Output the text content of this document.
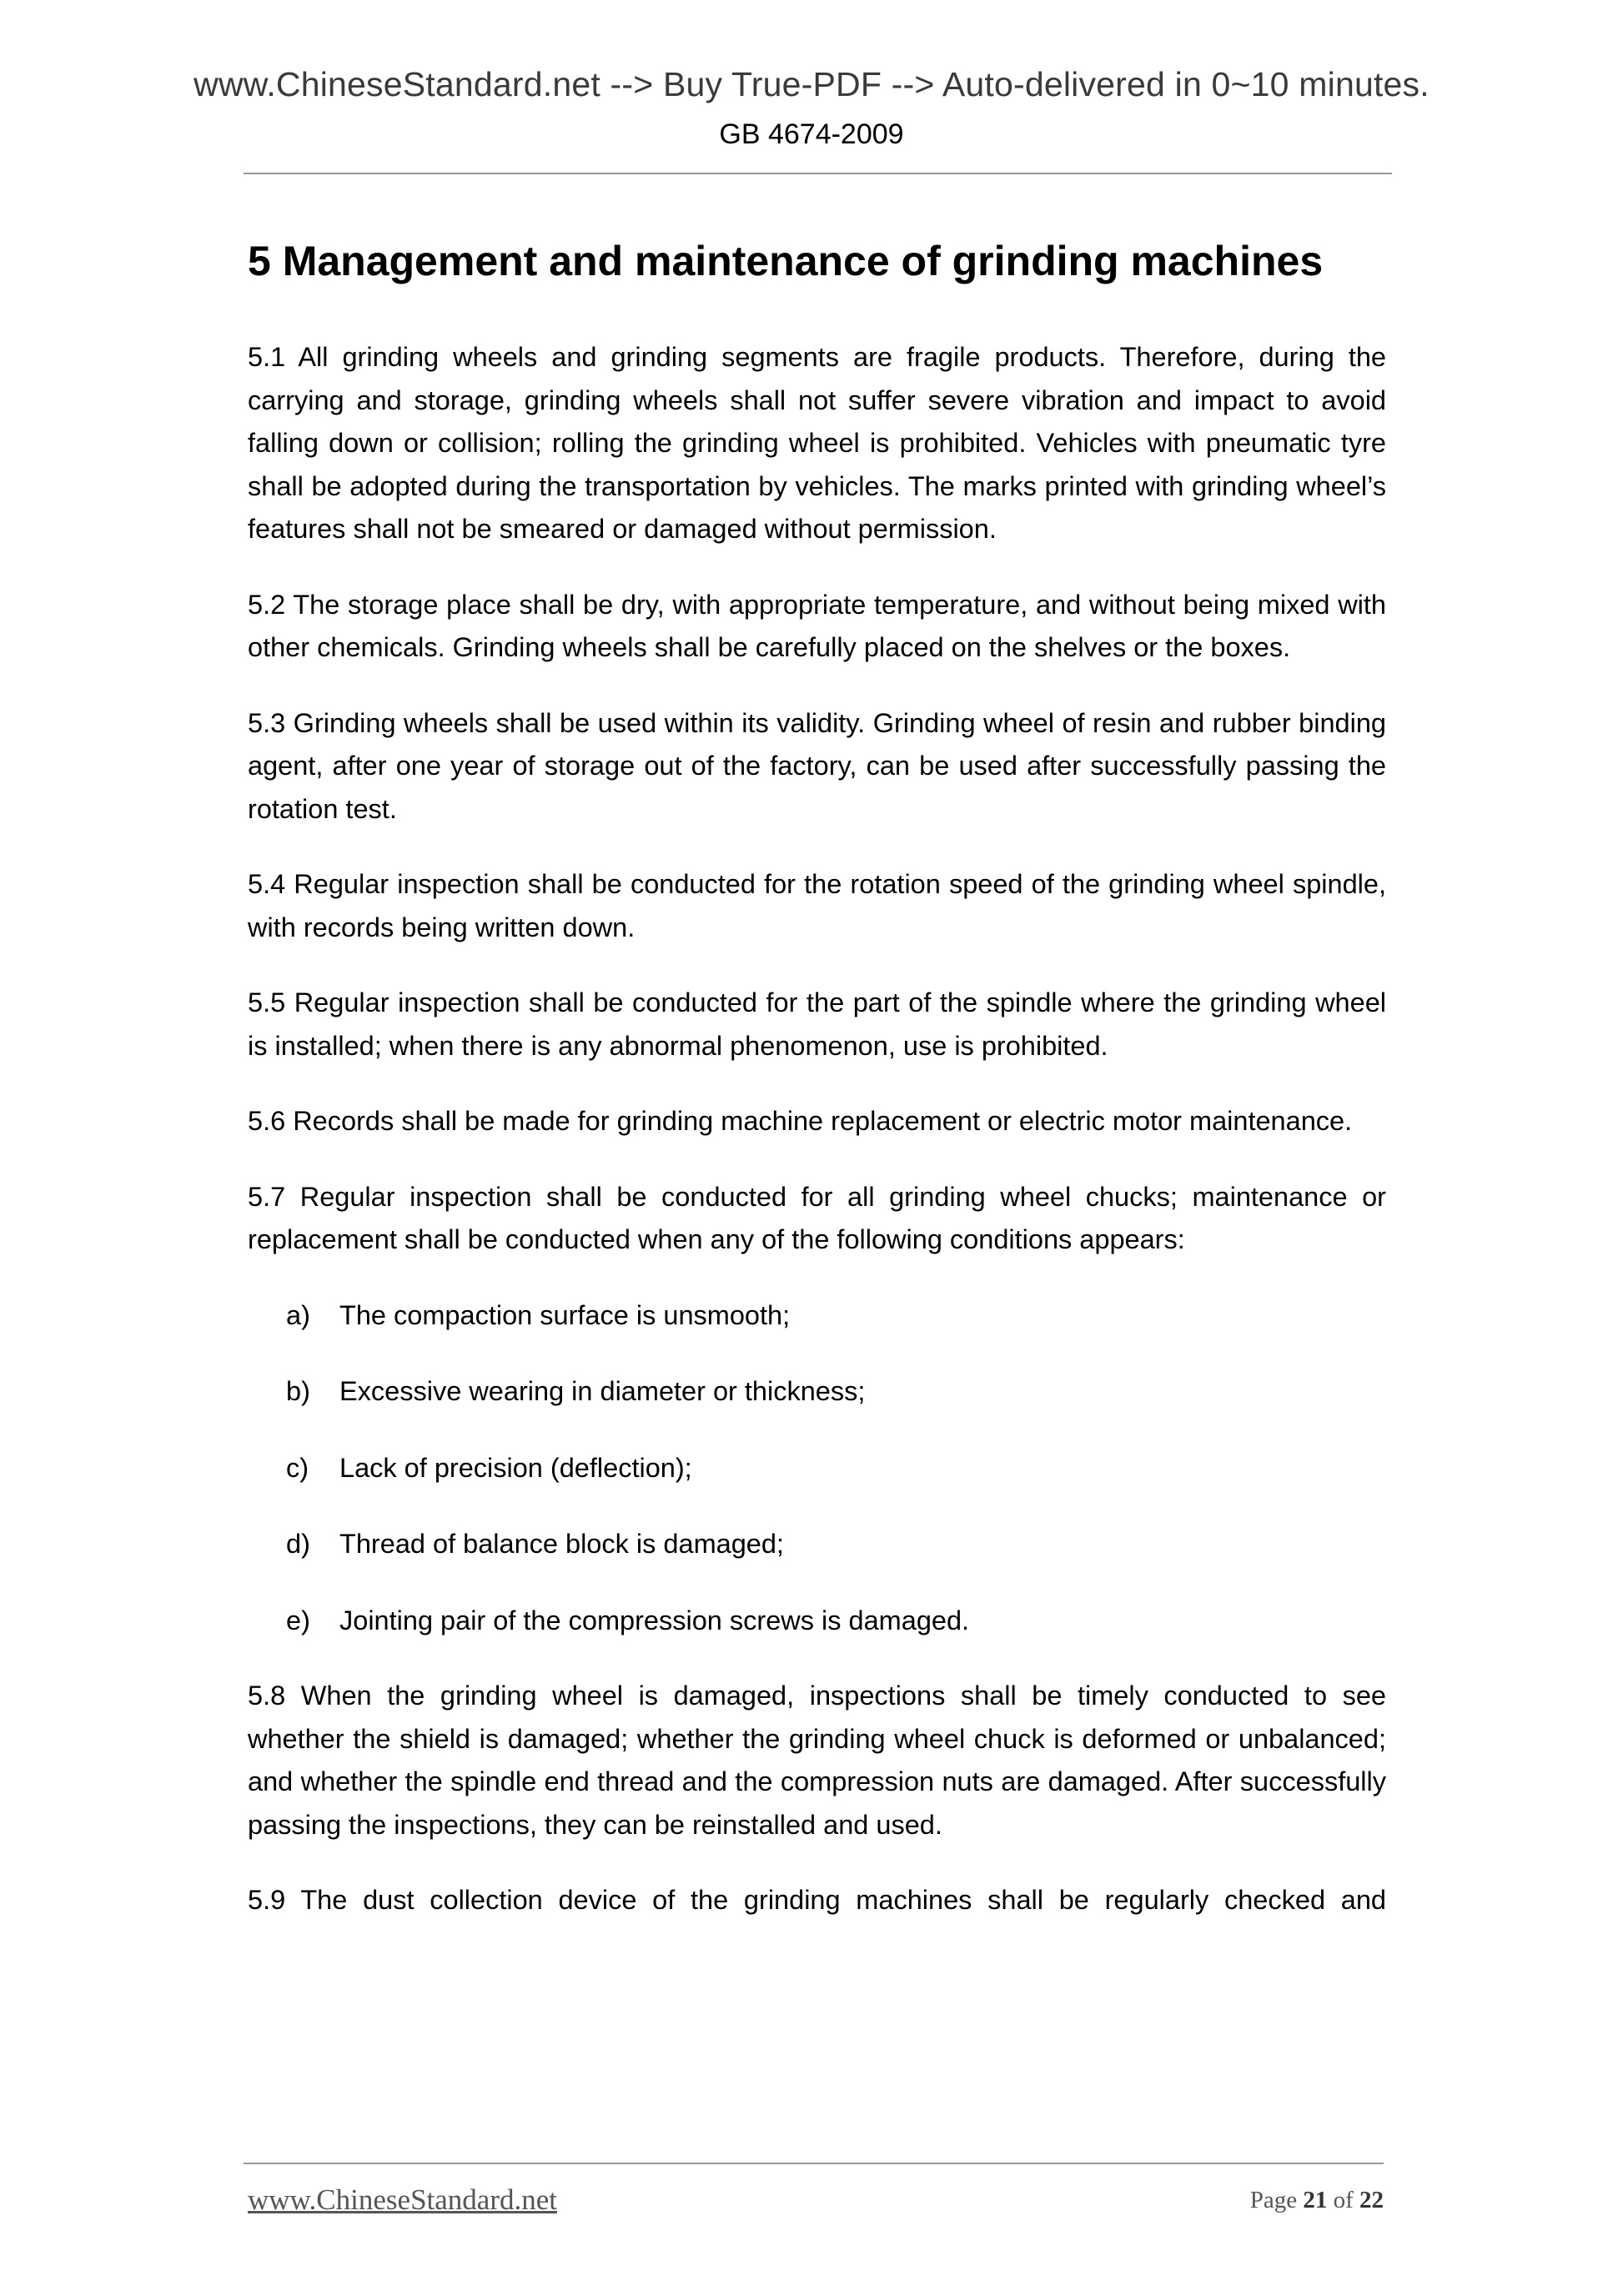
www.ChineseStandard.net --> Buy True-PDF --> Auto-delivered in 0~10 minutes.
GB 4674-2009
5 Management and maintenance of grinding machines

5.1 All grinding wheels and grinding segments are fragile products. Therefore, during the carrying and storage, grinding wheels shall not suffer severe vibration and impact to avoid falling down or collision; rolling the grinding wheel is prohibited. Vehicles with pneumatic tyre shall be adopted during the transportation by vehicles. The marks printed with grinding wheel’s features shall not be smeared or damaged without permission.

5.2 The storage place shall be dry, with appropriate temperature, and without being mixed with other chemicals. Grinding wheels shall be carefully placed on the shelves or the boxes.

5.3 Grinding wheels shall be used within its validity. Grinding wheel of resin and rubber binding agent, after one year of storage out of the factory, can be used after successfully passing the rotation test.

5.4 Regular inspection shall be conducted for the rotation speed of the grinding wheel spindle, with records being written down.

5.5 Regular inspection shall be conducted for the part of the spindle where the grinding wheel is installed; when there is any abnormal phenomenon, use is prohibited.

5.6 Records shall be made for grinding machine replacement or electric motor maintenance.

5.7 Regular inspection shall be conducted for all grinding wheel chucks; maintenance or replacement shall be conducted when any of the following conditions appears:

a)	The compaction surface is unsmooth;
b)	Excessive wearing in diameter or thickness;
c)	Lack of precision (deflection);
d)	Thread of balance block is damaged;
e)	Jointing pair of the compression screws is damaged.

5.8 When the grinding wheel is damaged, inspections shall be timely conducted to see whether the shield is damaged; whether the grinding wheel chuck is deformed or unbalanced; and whether the spindle end thread and the compression nuts are damaged. After successfully passing the inspections, they can be reinstalled and used.

5.9 The dust collection device of the grinding machines shall be regularly checked and

www.ChineseStandard.net	Page 21 of 22
